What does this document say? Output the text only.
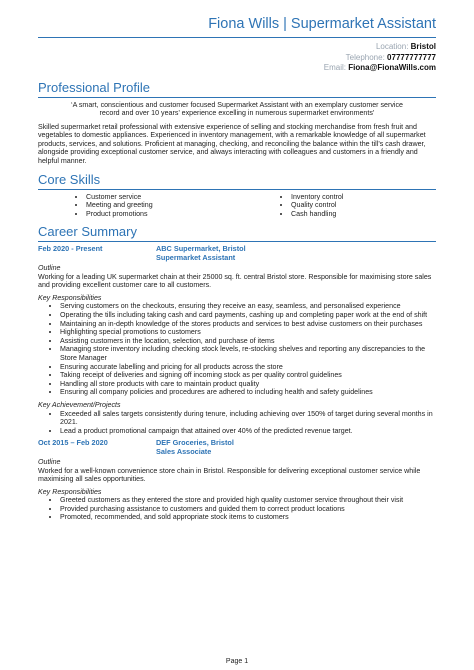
Fiona Wills | Supermarket Assistant
Location: Bristol
Telephone: 07777777777
Email: Fiona@FionaWills.com
Professional Profile

‘A smart, conscientious and customer focused Supermarket Assistant with an exemplary customer service record and over 10 years’ experience excelling in numerous supermarket environments’

Skilled supermarket retail professional with extensive experience of selling and stocking merchandise from fresh fruit and vegetables to domestic appliances. Experienced in inventory management, with a remarkable knowledge of all supermarket products, services, and solutions. Proficient at managing, checking, and reconciling the balance within the till’s cash drawer, alongside providing exceptional customer service, and always interacting with colleagues and customers in a friendly and helpful manner.

Core Skills
• Customer service
• Meeting and greeting
• Product promotions
• Inventory control
• Quality control
• Cash handling
Career Summary
Feb 2020 - Present	ABC Supermarket, Bristol
Supermarket Assistant
Outline

Working for a leading UK supermarket chain at their 25000 sq. ft. central Bristol store. Responsible for maximising store sales and providing excellent customer care to all customers.

Key Responsibilities
• Serving customers on the checkouts, ensuring they receive an easy, seamless, and personalised experience
• Operating the tills including taking cash and card payments, cashing up and completing paper work at the end of shift
• Maintaining an in-depth knowledge of the stores products and services to best advise customers on their purchases
• Highlighting special promotions to customers
• Assisting customers in the location, selection, and purchase of items
• Managing store inventory including checking stock levels, re-stocking shelves and reporting any discrepancies to the Store Manager
• Ensuring accurate labelling and pricing for all products across the store
• Taking receipt of deliveries and signing off incoming stock as per quality control guidelines
• Handling all store products with care to maintain product quality
• Ensuring all company policies and procedures are adhered to including health and safety guidelines
Key Achievement/Projects
• Exceeded all sales targets consistently during tenure, including achieving over 150% of target during several months in 2021.
• Lead a product promotional campaign that attained over 40% of the predicted revenue target.
Oct 2015 – Feb 2020	DEF Groceries, Bristol
Sales Associate
Outline

Worked for a well-known convenience store chain in Bristol. Responsible for delivering exceptional customer service while maximising all sales opportunities.

Key Responsibilities
• Greeted customers as they entered the store and provided high quality customer service throughout their visit
• Provided purchasing assistance to customers and guided them to correct product locations
• Promoted, recommended, and sold appropriate stock items to customers
Page 1
